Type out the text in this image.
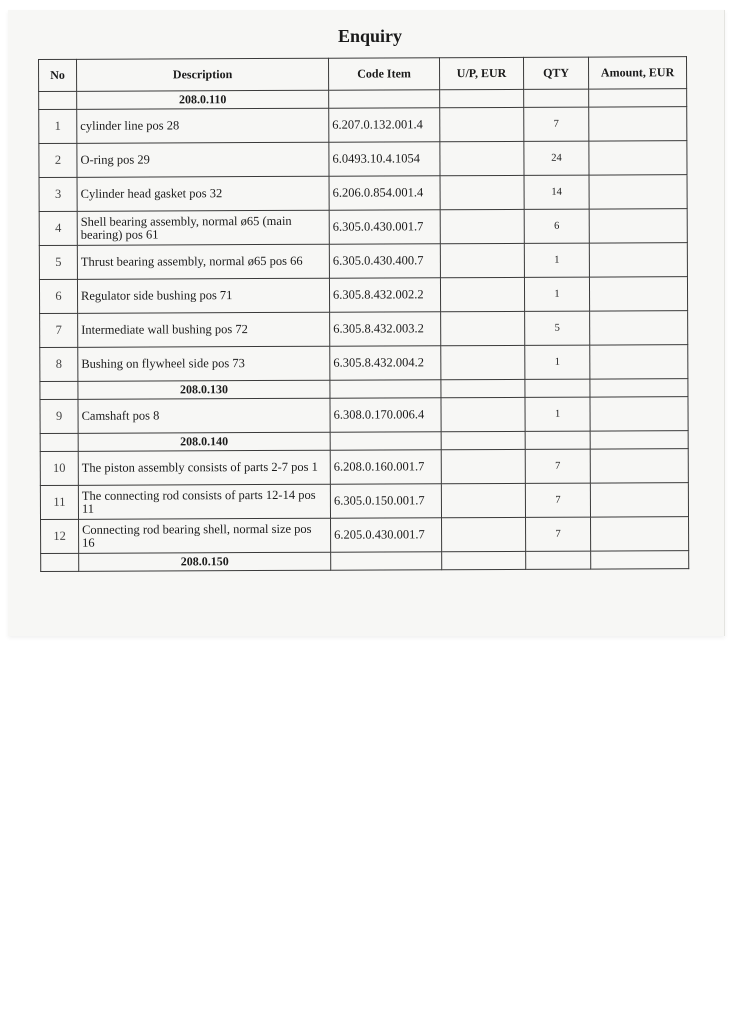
Enquiry
No	Description	Code Item	U/P, EUR	QTY	Amount, EUR
	208.0.110				
1	cylinder line pos 28	6.207.0.132.001.4		7	
2	O-ring pos 29	6.0493.10.4.1054		24	
3	Cylinder head gasket pos 32	6.206.0.854.001.4		14	
4	Shell bearing assembly, normal ø65 (main bearing) pos 61	6.305.0.430.001.7		6	
5	Thrust bearing assembly, normal ø65 pos 66	6.305.0.430.400.7		1	
6	Regulator side bushing pos 71	6.305.8.432.002.2		1	
7	Intermediate wall bushing pos 72	6.305.8.432.003.2		5	
8	Bushing on flywheel side pos 73	6.305.8.432.004.2		1	
	208.0.130				
9	Camshaft pos 8	6.308.0.170.006.4		1	
	208.0.140				
10	The piston assembly consists of parts 2-7 pos 1	6.208.0.160.001.7		7	
11	The connecting rod consists of parts 12-14 pos 11	6.305.0.150.001.7		7	
12	Connecting rod bearing shell, normal size pos 16	6.205.0.430.001.7		7	
	208.0.150				
